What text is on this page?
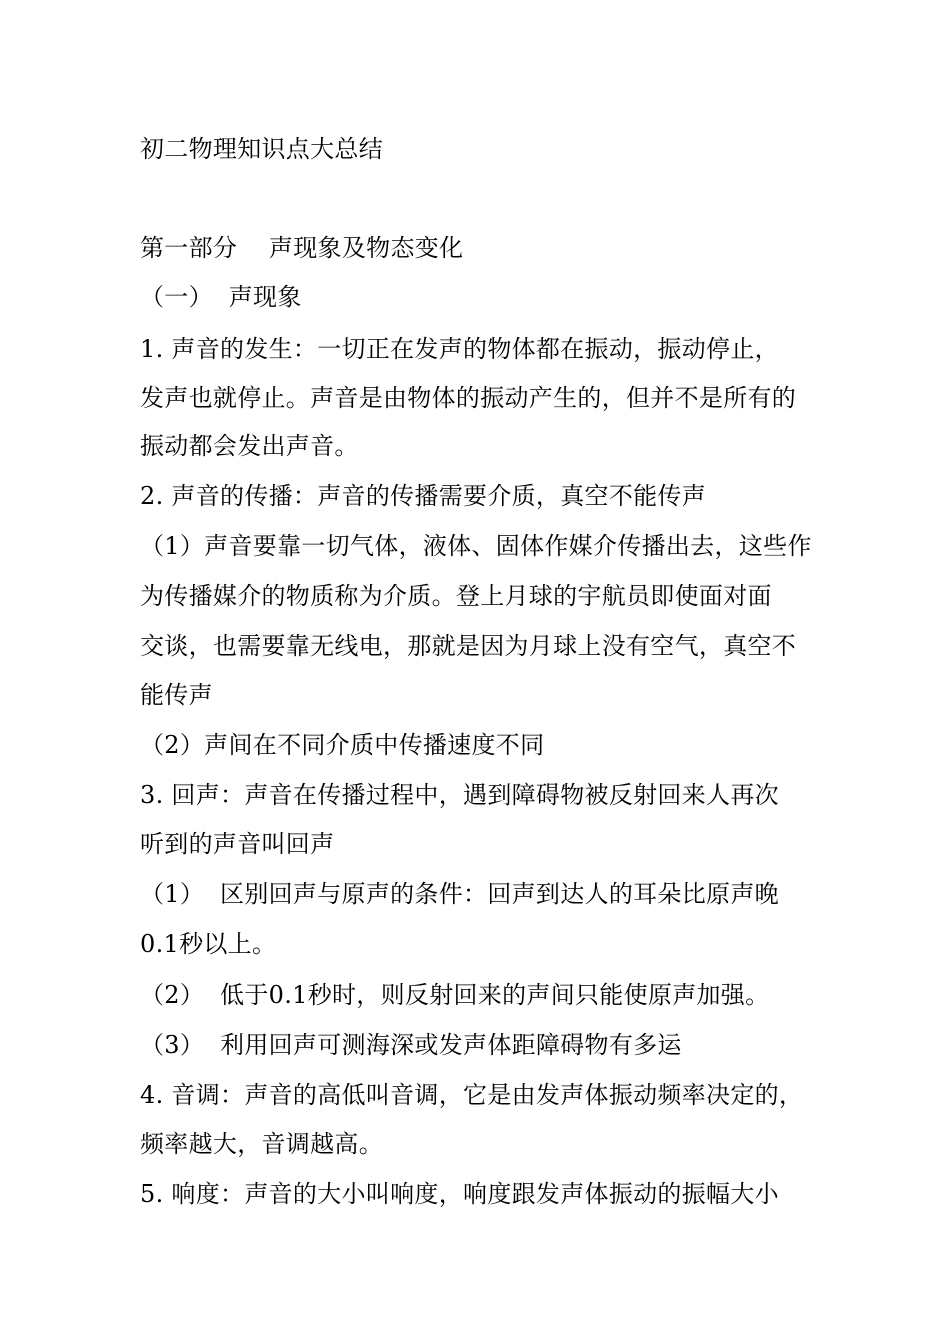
初二物理知识点大总结
第一部分    声现象及物态变化
（一）  声现象
1. 声音的发生：一切正在发声的物体都在振动，振动停止，
发声也就停止。声音是由物体的振动产生的，但并不是所有的
振动都会发出声音。
2. 声音的传播：声音的传播需要介质，真空不能传声
（1）声音要靠一切气体，液体、固体作媒介传播出去，这些作
为传播媒介的物质称为介质。登上月球的宇航员即使面对面
交谈，也需要靠无线电，那就是因为月球上没有空气，真空不
能传声
（2）声间在不同介质中传播速度不同
3. 回声：声音在传播过程中，遇到障碍物被反射回来人再次
听到的声音叫回声
（1）  区别回声与原声的条件：回声到达人的耳朵比原声晚
0.1秒以上。
（2）  低于0.1秒时，则反射回来的声间只能使原声加强。
（3）  利用回声可测海深或发声体距障碍物有多运
4. 音调：声音的高低叫音调，它是由发声体振动频率决定的，
频率越大，音调越高。
5. 响度：声音的大小叫响度，响度跟发声体振动的振幅大小
